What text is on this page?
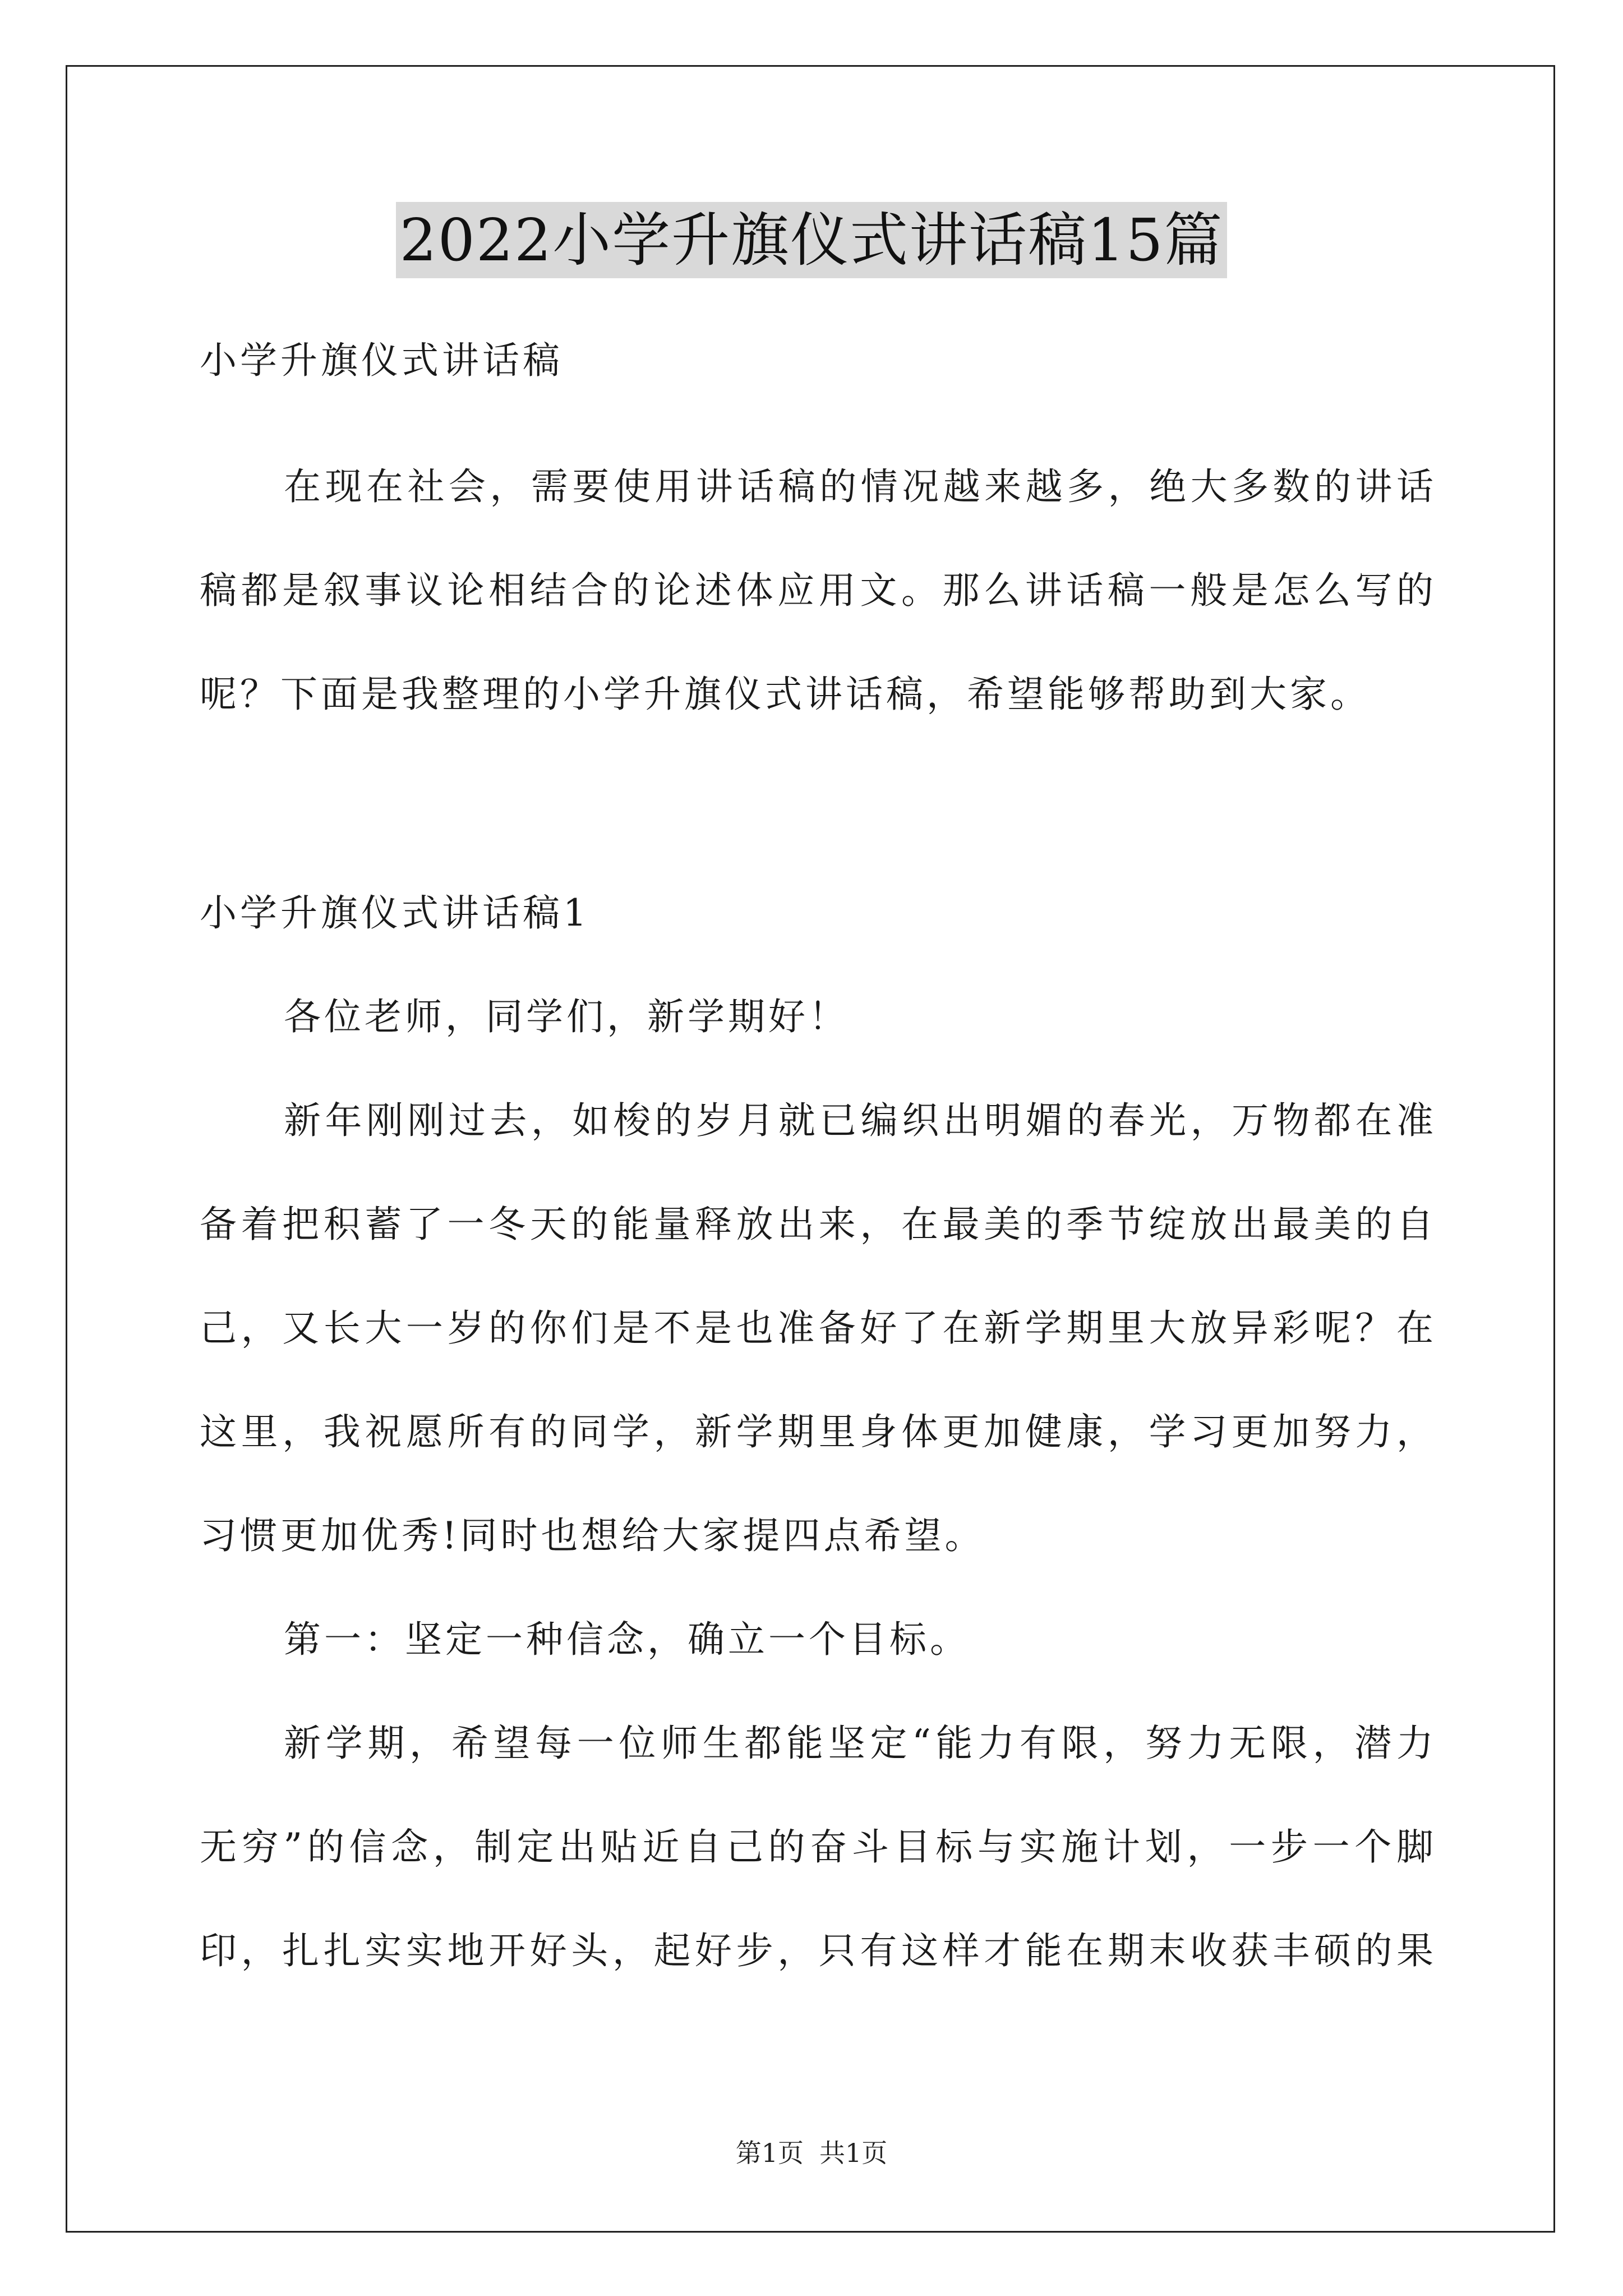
2022小学升旗仪式讲话稿15篇
小学升旗仪式讲话稿
在现在社会，需要使用讲话稿的情况越来越多，绝大多数的讲话
稿都是叙事议论相结合的论述体应用文。那么讲话稿一般是怎么写的
呢？下面是我整理的小学升旗仪式讲话稿，希望能够帮助到大家。
小学升旗仪式讲话稿1
各位老师，同学们，新学期好！
新年刚刚过去，如梭的岁月就已编织出明媚的春光，万物都在准
备着把积蓄了一冬天的能量释放出来，在最美的季节绽放出最美的自
己，又长大一岁的你们是不是也准备好了在新学期里大放异彩呢？在
这里，我祝愿所有的同学，新学期里身体更加健康，学习更加努力，
习惯更加优秀!同时也想给大家提四点希望。
第一：坚定一种信念，确立一个目标。
新学期，希望每一位师生都能坚定“能力有限，努力无限，潜力
无穷”的信念，制定出贴近自己的奋斗目标与实施计划，一步一个脚
印，扎扎实实地开好头，起好步，只有这样才能在期末收获丰硕的果
第1页 共1页
